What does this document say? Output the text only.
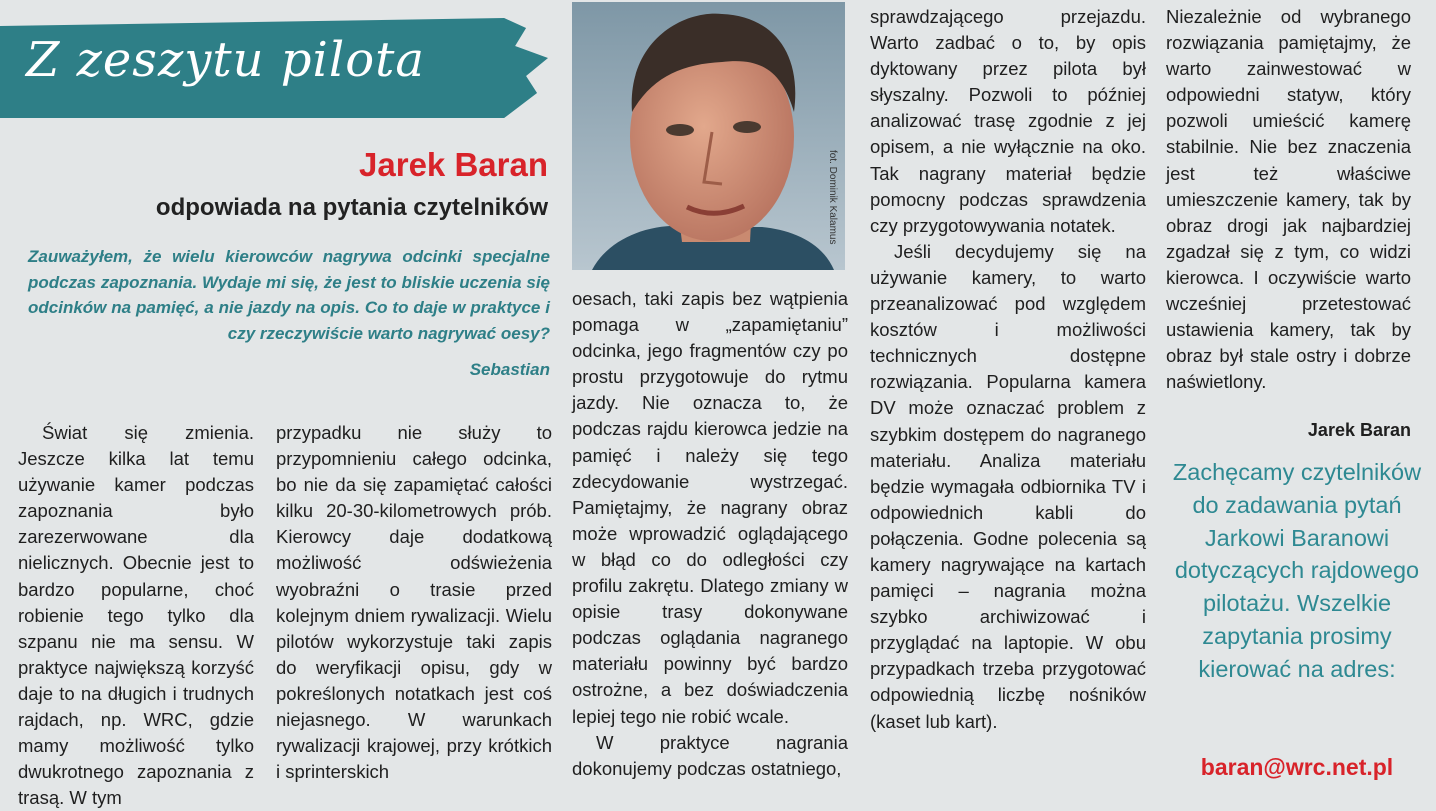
Z zeszytu pilota
Jarek Baran
odpowiada na pytania czytelników
Zauważyłem, że wielu kierowców nagrywa odcinki specjalne podczas zapoznania. Wydaje mi się, że jest to bliskie uczenia się odcinków na pamięć, a nie jazdy na opis. Co to daje w praktyce i czy rzeczywiście warto nagrywać oesy?
Sebastian
fot. Dominik Kalamus

Świat się zmienia. Jeszcze kilka lat temu używanie kamer podczas zapoznania było zarezerwowane dla nielicznych. Obecnie jest to bardzo popularne, choć robienie tego tylko dla szpanu nie ma sensu. W praktyce największą korzyść daje to na długich i trudnych rajdach, np. WRC, gdzie mamy możliwość tylko dwukrotnego zapoznania z trasą. W tym

przypadku nie służy to przypomnieniu całego odcinka, bo nie da się zapamiętać całości kilku 20-30-kilometrowych prób. Kierowcy daje dodatkową możliwość odświeżenia wyobraźni o trasie przed kolejnym dniem rywalizacji. Wielu pilotów wykorzystuje taki zapis do weryfikacji opisu, gdy w pokreślonych notatkach jest coś niejasnego. W warunkach rywalizacji krajowej, przy krótkich i sprinterskich

oesach, taki zapis bez wątpienia pomaga w „zapamiętaniu” odcinka, jego fragmentów czy po prostu przygotowuje do rytmu jazdy. Nie oznacza to, że podczas rajdu kierowca jedzie na pamięć i należy się tego zdecydowanie wystrzegać. Pamiętajmy, że nagrany obraz może wprowadzić oglądającego w błąd co do odległości czy profilu zakrętu. Dlatego zmiany w opisie trasy dokonywane podczas oglądania nagranego materiału powinny być bardzo ostrożne, a bez doświadczenia lepiej tego nie robić wcale.

W praktyce nagrania dokonujemy podczas ostatniego,

sprawdzającego przejazdu. Warto zadbać o to, by opis dyktowany przez pilota był słyszalny. Pozwoli to później analizować trasę zgodnie z jej opisem, a nie wyłącznie na oko. Tak nagrany materiał będzie pomocny podczas sprawdzenia czy przygotowywania notatek.

Jeśli decydujemy się na używanie kamery, to warto przeanalizować pod względem kosztów i możliwości technicznych dostępne rozwiązania. Popularna kamera DV może oznaczać problem z szybkim dostępem do nagranego materiału. Analiza materiału będzie wymagała odbiornika TV i odpowiednich kabli do połączenia. Godne polecenia są kamery nagrywające na kartach pamięci – nagrania można szybko archiwizować i przyglądać na laptopie. W obu przypadkach trzeba przygotować odpowiednią liczbę nośników (kaset lub kart).

Niezależnie od wybranego rozwiązania pamiętajmy, że warto zainwestować w odpowiedni statyw, który pozwoli umieścić kamerę stabilnie. Nie bez znaczenia jest też właściwe umieszczenie kamery, tak by obraz drogi jak najbardziej zgadzał się z tym, co widzi kierowca. I oczywiście warto wcześniej przetestować ustawienia kamery, tak by obraz był stale ostry i dobrze naświetlony.

Jarek Baran
Zachęcamy czytelników do zadawania pytań Jarkowi Baranowi dotyczących rajdowego pilotażu. Wszelkie zapytania prosimy kierować na adres:
baran@wrc.net.pl
